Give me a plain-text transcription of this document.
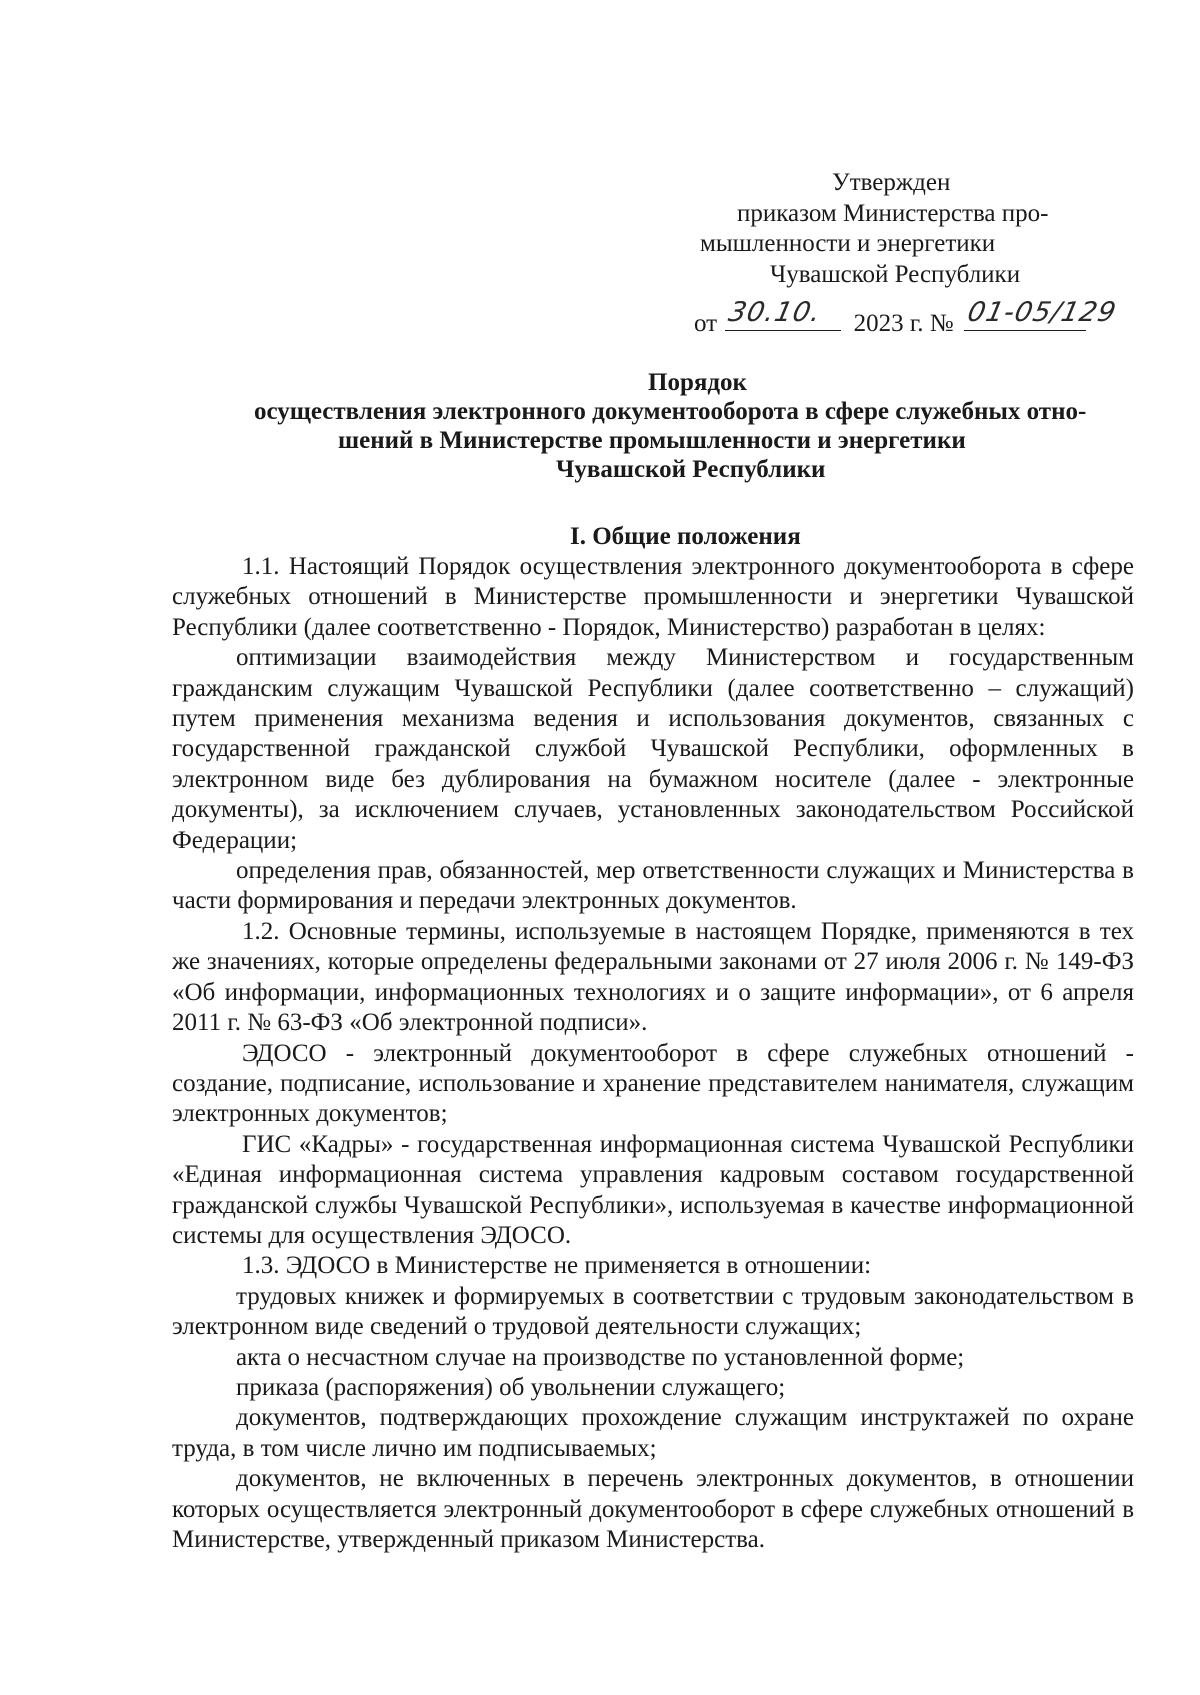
Утвержден
приказом Министерства про-
мышленности и энергетики
Чувашской Республики
от 30.10. 2023 г. № 01-05/129
Порядок
осуществления электронного документооборота в сфере служебных отно-
шений в Министерстве промышленности и энергетики
Чувашской Республики
I. Общие положения

1.1. Настоящий Порядок осуществления электронного документооборота в сфере служебных отношений в Министерстве промышленности и энергетики Чувашской Республики (далее соответственно - Порядок, Министерство) разработан в целях:

оптимизации взаимодействия между Министерством и государственным гражданским служащим Чувашской Республики (далее соответственно – служащий) путем применения механизма ведения и использования документов, связанных с государственной гражданской службой Чувашской Республики, оформленных в электронном виде без дублирования на бумажном носителе (далее - электронные документы), за исключением случаев, установленных законодательством Российской Федерации;

определения прав, обязанностей, мер ответственности служащих и Министерства в части формирования и передачи электронных документов.

1.2. Основные термины, используемые в настоящем Порядке, применяются в тех же значениях, которые определены федеральными законами от 27 июля 2006 г. № 149-ФЗ «Об информации, информационных технологиях и о защите информации», от 6 апреля 2011 г. № 63-ФЗ «Об электронной подписи».

ЭДОСО - электронный документооборот в сфере служебных отношений - создание, подписание, использование и хранение представителем нанимателя, служащим электронных документов;

ГИС «Кадры» - государственная информационная система Чувашской Республики «Единая информационная система управления кадровым составом государственной гражданской службы Чувашской Республики», используемая в качестве информационной системы для осуществления ЭДОСО.

1.3. ЭДОСО в Министерстве не применяется в отношении:

трудовых книжек и формируемых в соответствии с трудовым законодательством в электронном виде сведений о трудовой деятельности служащих;

акта о несчастном случае на производстве по установленной форме;

приказа (распоряжения) об увольнении служащего;

документов, подтверждающих прохождение служащим инструктажей по охране труда, в том числе лично им подписываемых;

документов, не включенных в перечень электронных документов, в отношении которых осуществляется электронный документооборот в сфере служебных отношений в Министерстве, утвержденный приказом Министерства.
